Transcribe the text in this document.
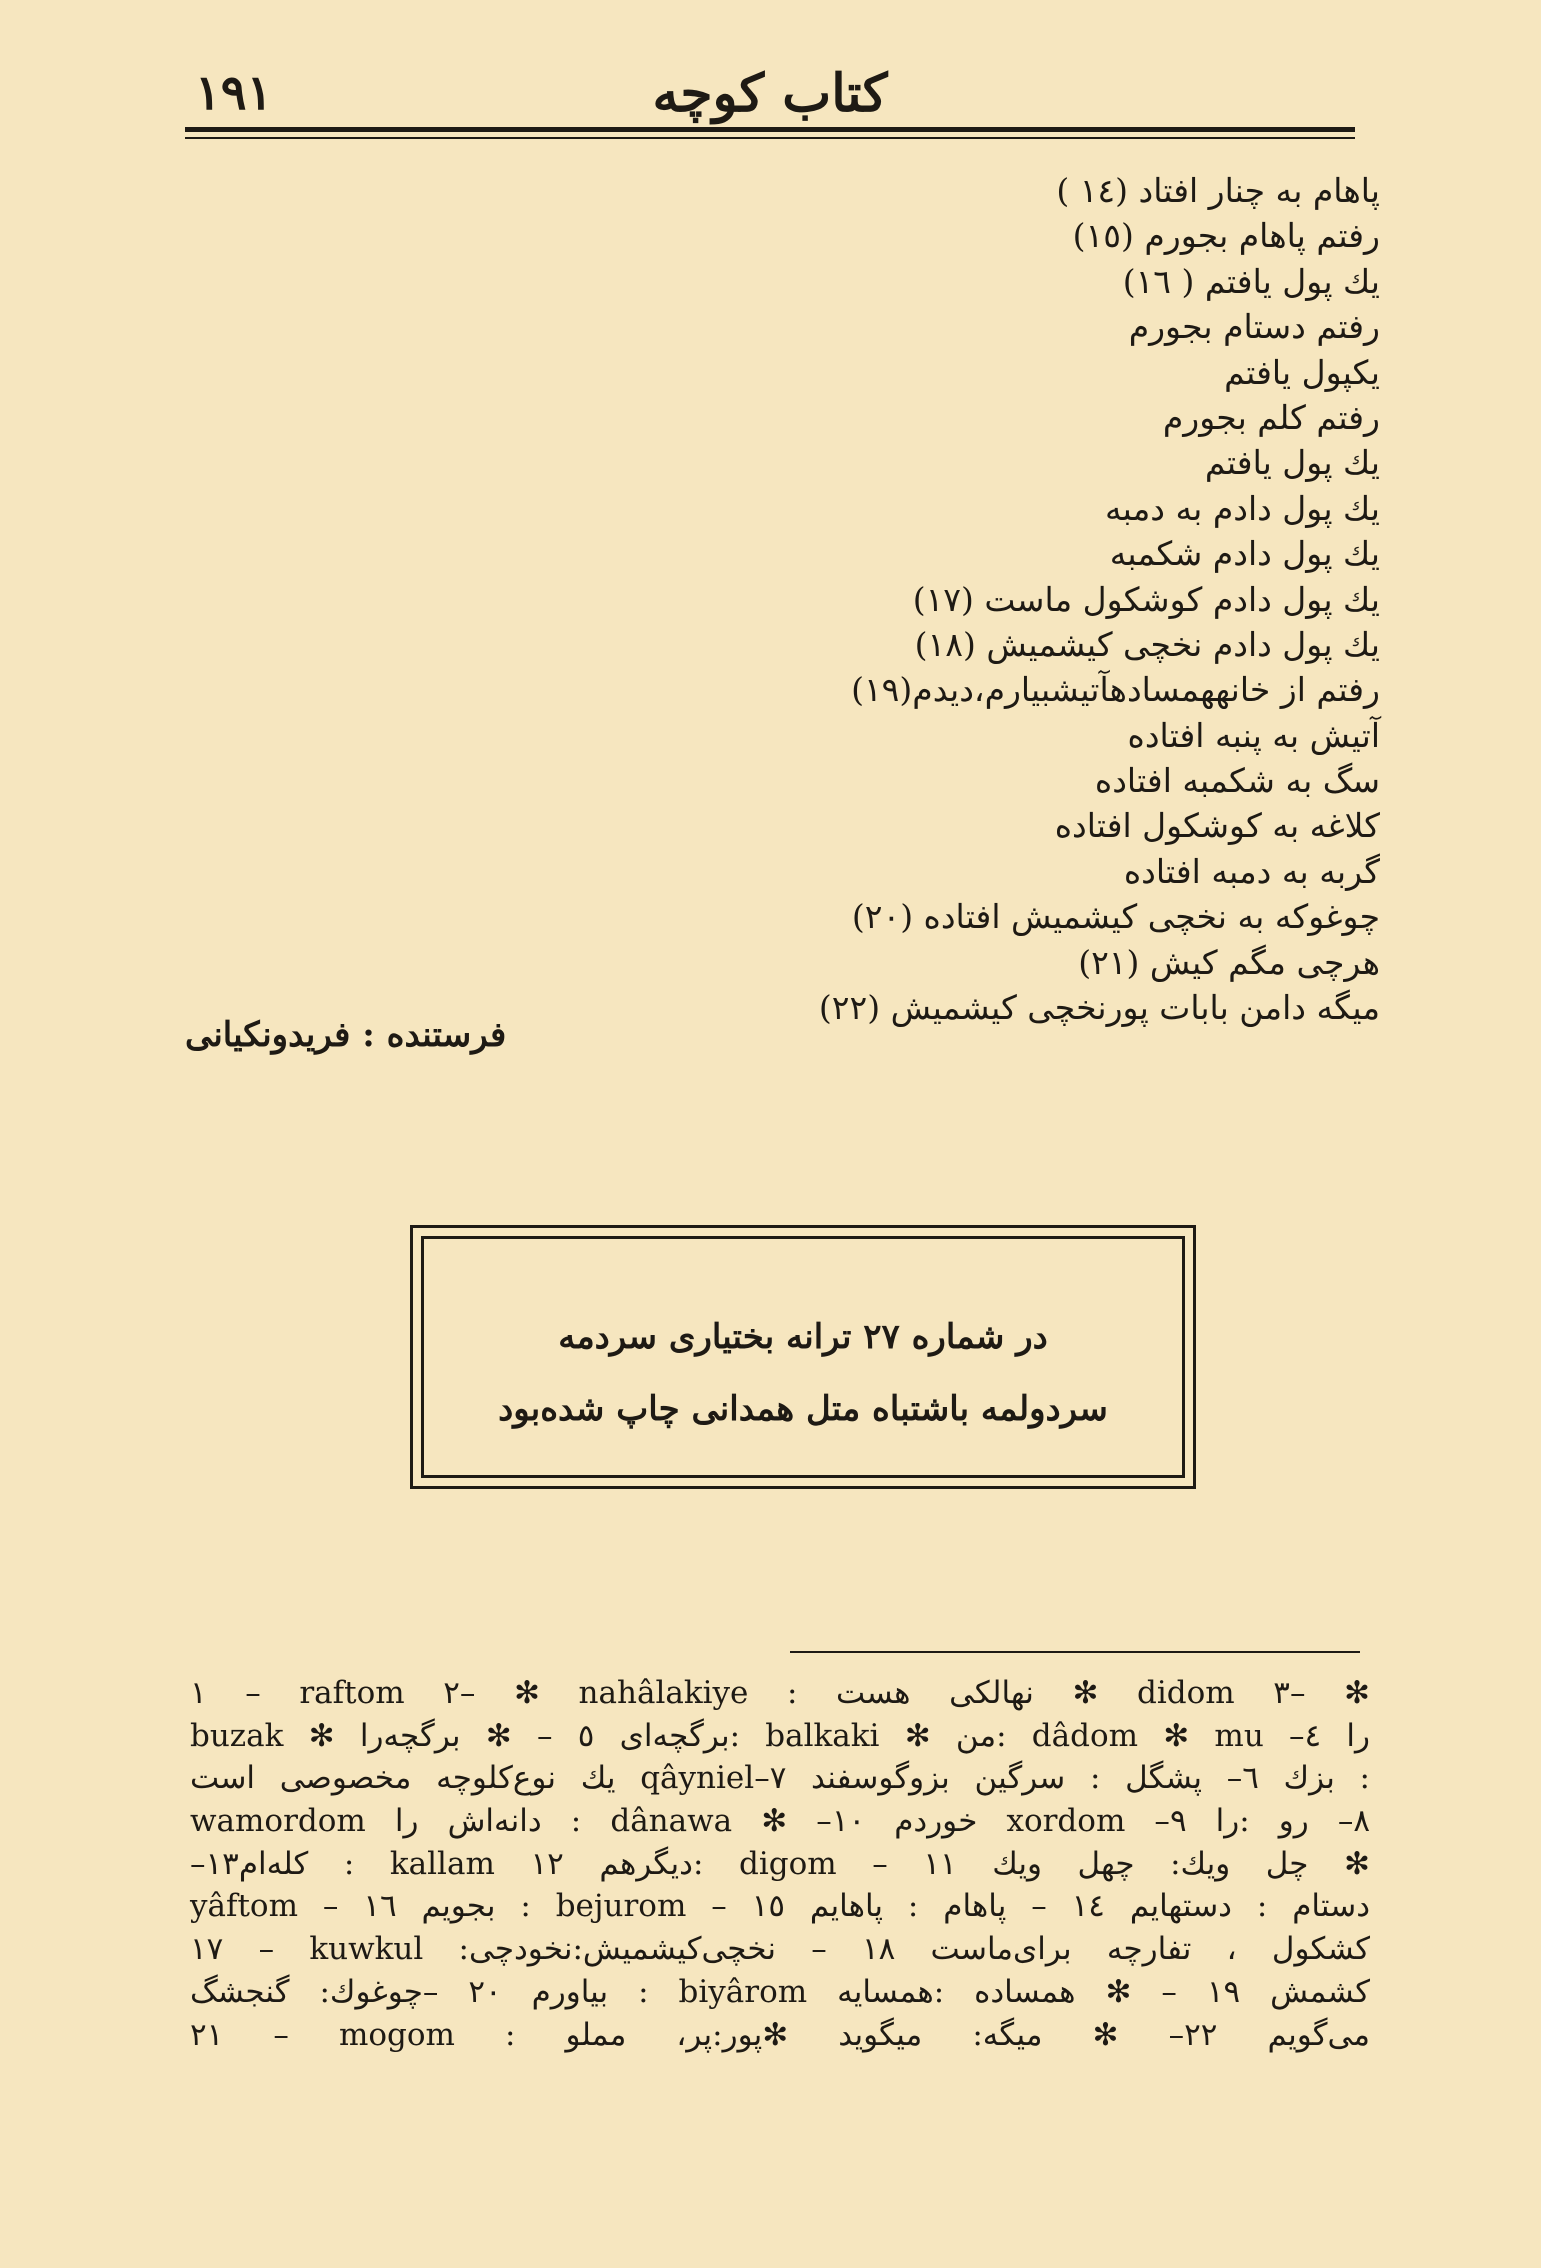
١٩١	کتاب کوچه
پاهام به چنار افتاد (١٤ )
رفتم پاهام بجورم (١٥)
یك پول یافتم ( ١٦)
رفتم دستام بجورم
یكپول یافتم
رفتم كلم بجورم
یك پول یافتم
یك پول دادم به دمبه
یك پول دادم شكمبه
یك پول دادم كوشكول ماست (١٧)
یك پول دادم نخچی كیشمیش (١٨)
رفتم از خانههمسادهآتیشبیارم،دیدم(١٩)
آتیش به پنبه افتاده
سگ به شكمبه افتاده
كلاغه به كوشكول افتاده
گربه به دمبه افتاده
چوغوكه به نخچی كیشمیش افتاده (٢٠)
هرچی مگم كیش (٢١)
میگه دامن بابات پورنخچی كیشمیش (٢٢)
فرستنده : فریدونکیانی
در شماره ٢٧ ترانه بختیاری سردمه
سردولمه باشتباه متل همدانی چاپ شده‌بود
١ – raftom ٢– ✻ nahâlakiye : نهالكی هست ✻ didom ٣– ✻
را ٤– dâdom ✻ mu :من ✻ balkaki :برگچه‌ای ٥ – ✻ برگچه‌را ✻ buzak
: بزك ٦– پشگل : سرگین بزوگوسفند ٧–qâyniel یك نوع‌كلوچه مخصوصی است
٨– رو :را ٩– xordom خوردم ١٠– ✻ dânawa : دانه‌اش را wamordom
✻ چل ویك: چهل ویك ١١ – digom :دیگرهم ١٢ kallam : كله‌ام١٣–
دستام : دستهایم ١٤ – پاهام : پاهایم ١٥ – bejurom : بجویم ١٦ – yâftom
١٧ – kuwkul :كشكول ، تفارچه برای‌ماست ١٨ – نخچی‌كیشمیش:نخودچی
كشمش ١٩ – ✻ همساده :همسایه biyârom : بیاورم ٢٠ –چوغوك: گنجشگ
٢١ – mogom : می‌گویم ٢٢– ✻ میگه: میگوید ✻پور:پر، مملو
